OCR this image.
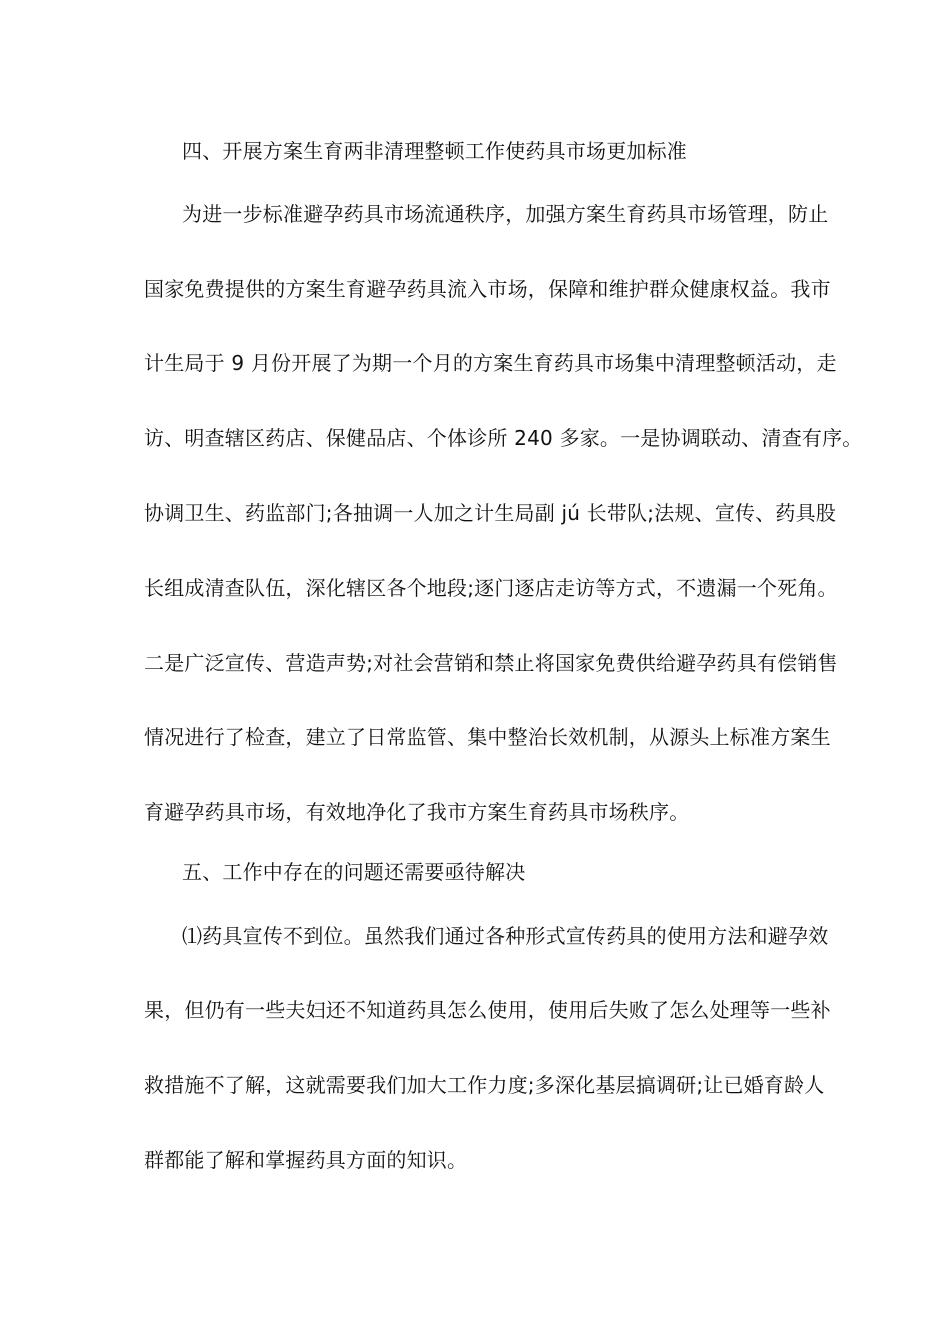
四、开展方案生育两非清理整顿工作使药具市场更加标准
为进一步标准避孕药具市场流通秩序，加强方案生育药具市场管理，防止
国家免费提供的方案生育避孕药具流入市场，保障和维护群众健康权益。我市
计生局于 9 月份开展了为期一个月的方案生育药具市场集中清理整顿活动，走
访、明查辖区药店、保健品店、个体诊所 240 多家。一是协调联动、清查有序。
协调卫生、药监部门;各抽调一人加之计生局副 jú 长带队;法规、宣传、药具股
长组成清查队伍，深化辖区各个地段;逐门逐店走访等方式，不遗漏一个死角。
二是广泛宣传、营造声势;对社会营销和禁止将国家免费供给避孕药具有偿销售
情况进行了检查，建立了日常监管、集中整治长效机制，从源头上标准方案生
育避孕药具市场，有效地净化了我市方案生育药具市场秩序。
五、工作中存在的问题还需要亟待解决
⑴药具宣传不到位。虽然我们通过各种形式宣传药具的使用方法和避孕效
果，但仍有一些夫妇还不知道药具怎么使用，使用后失败了怎么处理等一些补
救措施不了解，这就需要我们加大工作力度;多深化基层搞调研;让已婚育龄人
群都能了解和掌握药具方面的知识。
